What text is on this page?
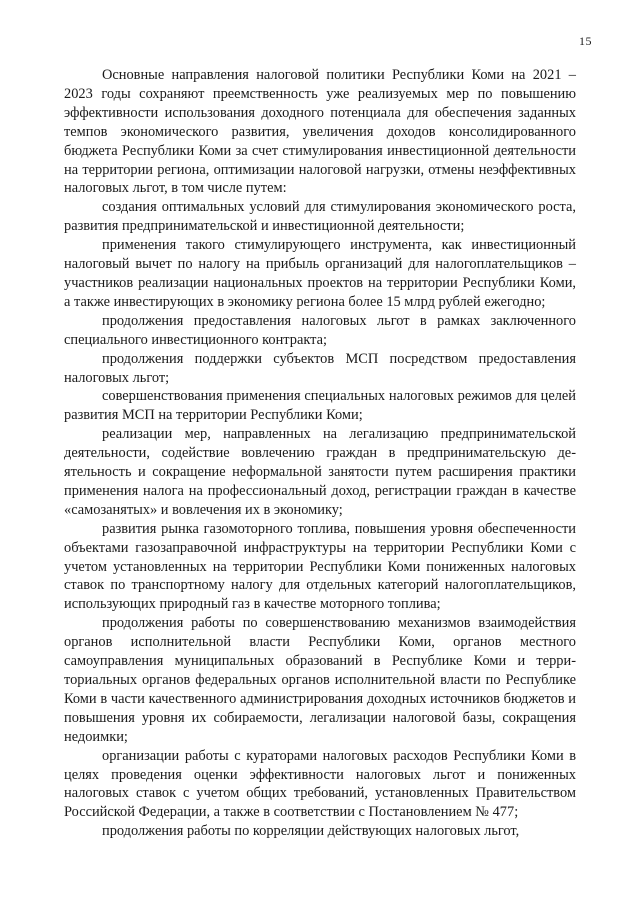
15

Основные направления налоговой политики Республики Коми на 2021 – 2023 годы сохраняют преемственность уже реализуемых мер по повышению эффективности использования доходного потенциала для обеспечения заданных темпов экономического развития, увеличения доходов консолидированного бюджета Республики Коми за счет стимулирования инвестиционной деятельности на территории региона, оптимизации налоговой нагрузки, отмены неэффективных налоговых льгот, в том числе путем:

создания оптимальных условий для стимулирования экономического роста, развития предпринимательской и инвестиционной деятельности;

применения такого стимулирующего инструмента, как инвестиционный налоговый вычет по налогу на прибыль организаций для налогоплательщиков – участников реализации национальных проектов на территории Республики Коми, а также инвестирующих в экономику региона более 15 млрд рублей ежегодно;

продолжения предоставления налоговых льгот в рамках заключенного специального инвестиционного контракта;

продолжения поддержки субъектов МСП посредством предоставления налоговых льгот;

совершенствования применения специальных налоговых режимов для целей развития МСП на территории Республики Коми;

реализации мер, направленных на легализацию предпринимательской деятельности, содействие вовлечению граждан в предпринимательскую деятельность и сокращение неформальной занятости путем расширения практики применения налога на профессиональный доход, регистрации граждан в качестве «самозанятых» и вовлечения их в экономику;

развития рынка газомоторного топлива, повышения уровня обеспеченности объектами газозаправочной инфраструктуры на территории Республики Коми с учетом установленных на территории Республики Коми пониженных налоговых ставок по транспортному налогу для отдельных категорий налогоплательщиков, использующих природный газ в качестве моторного топлива;

продолжения работы по совершенствованию механизмов взаимодействия органов исполнительной власти Республики Коми, органов местного самоуправления муниципальных образований в Республике Коми и территориальных органов федеральных органов исполнительной власти по Республике Коми в части качественного администрирования доходных источников бюджетов и повышения уровня их собираемости, легализации налоговой базы, сокращения недоимки;

организации работы с кураторами налоговых расходов Республики Коми в целях проведения оценки эффективности налоговых льгот и пониженных налоговых ставок с учетом общих требований, установленных Правительством Российской Федерации, а также в соответствии с Постановлением № 477;

продолжения работы по корреляции действующих налоговых льгот,
